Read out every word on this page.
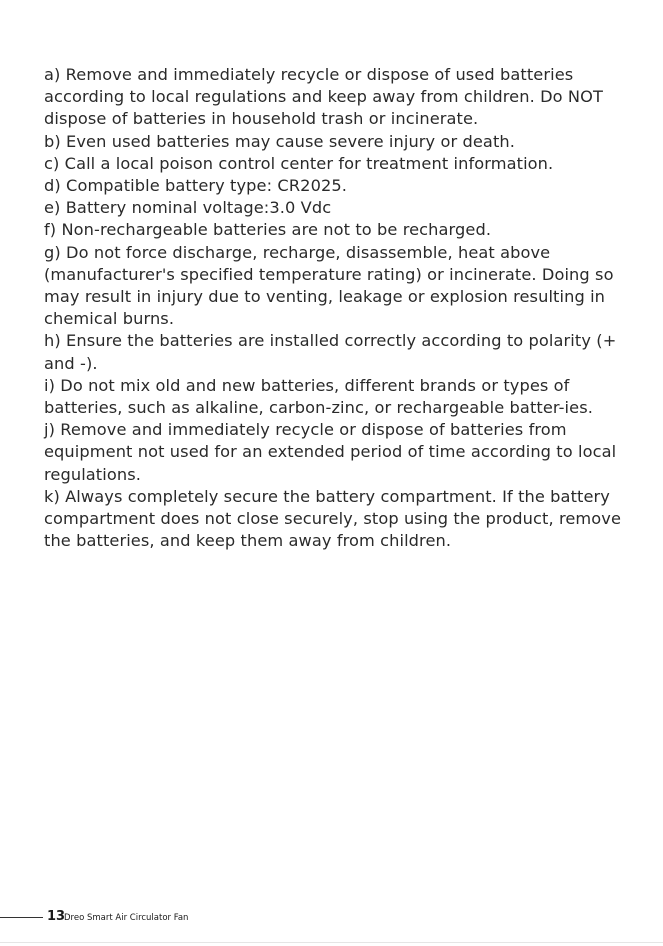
a) Remove and immediately recycle or dispose of used batteries according to local regulations and keep away from children. Do NOT dispose of batteries in household trash or incinerate.

b) Even used batteries may cause severe injury or death.

c) Call a local poison control center for treatment information.

d) Compatible battery type: CR2025.

e) Battery nominal voltage:3.0 Vdc

f) Non-rechargeable batteries are not to be recharged.

g) Do not force discharge, recharge, disassemble, heat above (manufacturer's specified temperature rating) or incinerate. Doing so may result in injury due to venting, leakage or explosion resulting in chemical burns.

h) Ensure the batteries are installed correctly according to polarity (+ and -).

i) Do not mix old and new batteries, different brands or types of batteries, such as alkaline, carbon-zinc, or rechargeable batter-ies.

j) Remove and immediately recycle or dispose of batteries from equipment not used for an extended period of time according to local regulations.

k) Always completely secure the battery compartment. If the battery compartment does not close securely, stop using the product, remove the batteries, and keep them away from children.

13
Dreo Smart Air Circulator Fan
